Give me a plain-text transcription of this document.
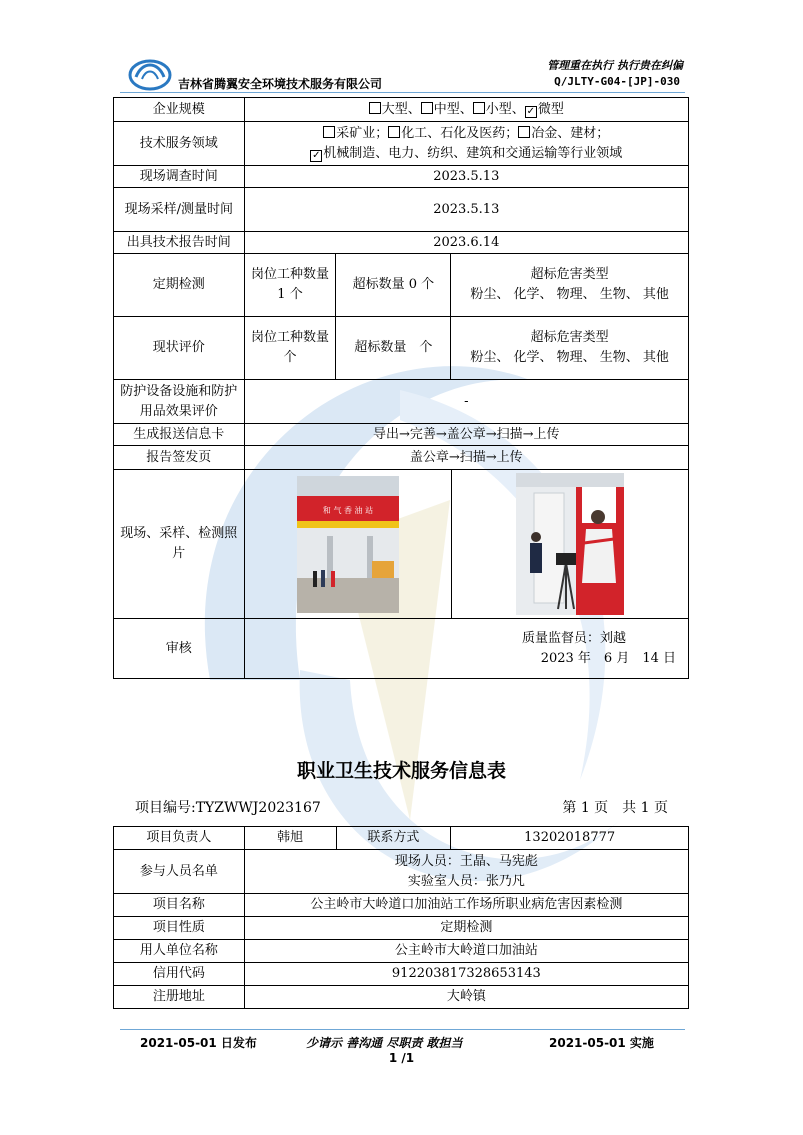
吉林省腾翼安全环境技术服务有限公司
管理重在执行 执行贵在纠偏
Q/JLTY-G04-[JP]-030
企业规模	大型、 中型、 小型、 ✓ 微型		
技术服务领域	采矿业； 化工、石化及医药； 冶金、建材；
✓ 机械制造、电力、纺织、建筑和交通运输等行业领域		
现场调查时间	2023.5.13		
现场采样/测量时间	2023.5.13		
出具技术报告时间	2023.6.14		
定期检测	岗位工种数量 1 个	超标数量 0 个	超标危害类型
粉尘、 化学、 物理、 生物、 其他

现状评价	岗位工种数量　个	超标数量　个	超标危害类型
粉尘、 化学、 物理、 生物、 其他

防护设备设施和防护用品效果评价	-		
生成报送信息卡	导出→完善→盖公章→扫描→上传		
报告签发页	盖公章→扫描→上传		
现场、采样、检测照片	和 气 香 油 站		

审核	质量监督员：刘越
2023 年　6 月　14 日		
职业卫生技术服务信息表
项目编号:TYZWWJ2023167	第 1 页　共 1 页
项目负责人	韩旭	联系方式	13202018777
参与人员名单	现场人员：王晶、马宪彪
实验室人员：张乃凡		

项目名称	公主岭市大岭道口加油站工作场所职业病危害因素检测		
项目性质	定期检测		
用人单位名称	公主岭市大岭道口加油站		
信用代码	912203817328653143		
注册地址	大岭镇		
2021-05-01 日发布	少请示 善沟通 尽职责 敢担当	2021-05-01 实施
1 /1
